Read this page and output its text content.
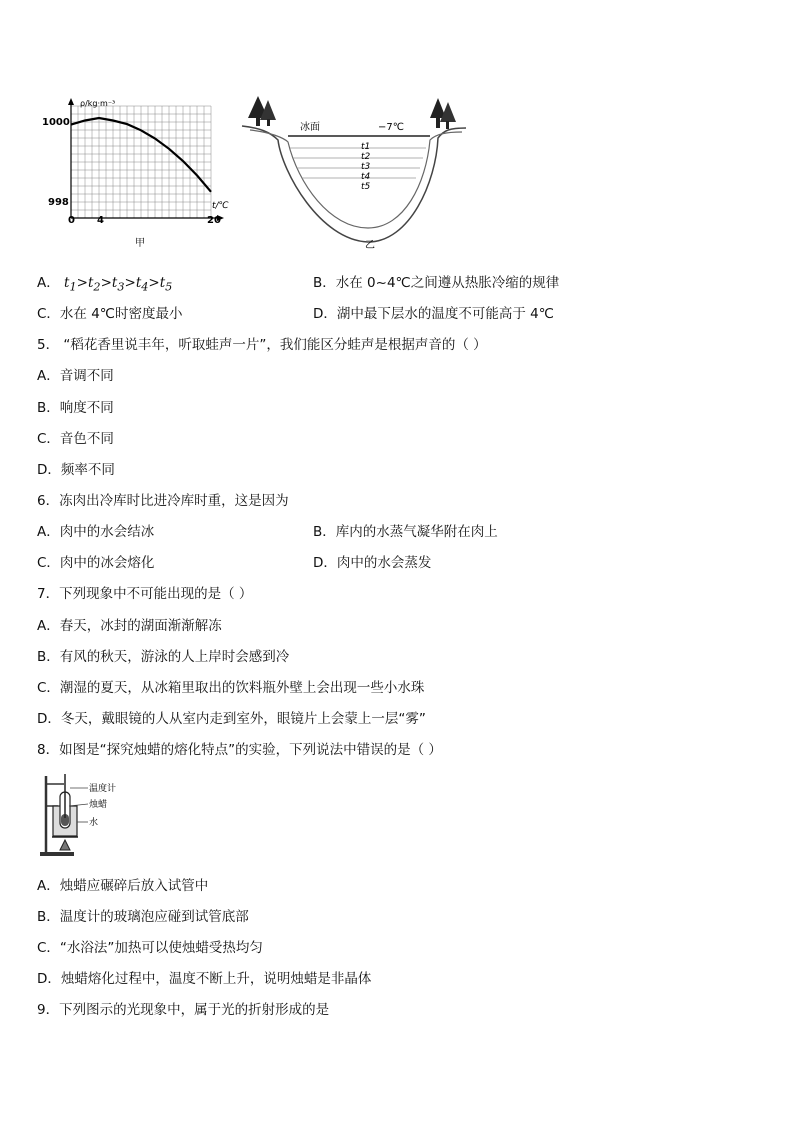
ρ/kg·m⁻³
t/℃
1000
998
0 4	20
甲
冰面	−7℃
t1
t2
t3
t4
t5
乙
A． $t_1>t_2>t_3>t_4>t_5$	B．水在 0~4℃之间遵从热胀冷缩的规律
C．水在 4℃时密度最小	D．湖中最下层水的温度不可能高于 4℃
5． “稻花香里说丰年，听取蛙声一片”，我们能区分蛙声是根据声音的（ ）
A．音调不同
B．响度不同
C．音色不同
D．频率不同
6．冻肉出冷库时比进冷库时重，这是因为
A．肉中的水会结冰	B．库内的水蒸气凝华附在肉上
C．肉中的冰会熔化	D．肉中的水会蒸发
7．下列现象中不可能出现的是（ ）
A．春天，冰封的湖面渐渐解冻
B．有风的秋天，游泳的人上岸时会感到冷
C．潮湿的夏天，从冰箱里取出的饮料瓶外壁上会出现一些小水珠
D．冬天，戴眼镜的人从室内走到室外，眼镜片上会蒙上一层“雾”
8．如图是“探究烛蜡的熔化特点”的实验，下列说法中错误的是（ ）
温度计
烛蜡
水
A．烛蜡应碾碎后放入试管中
B．温度计的玻璃泡应碰到试管底部
C．“水浴法”加热可以使烛蜡受热均匀
D．烛蜡熔化过程中，温度不断上升，说明烛蜡是非晶体
9．下列图示的光现象中，属于光的折射形成的是
